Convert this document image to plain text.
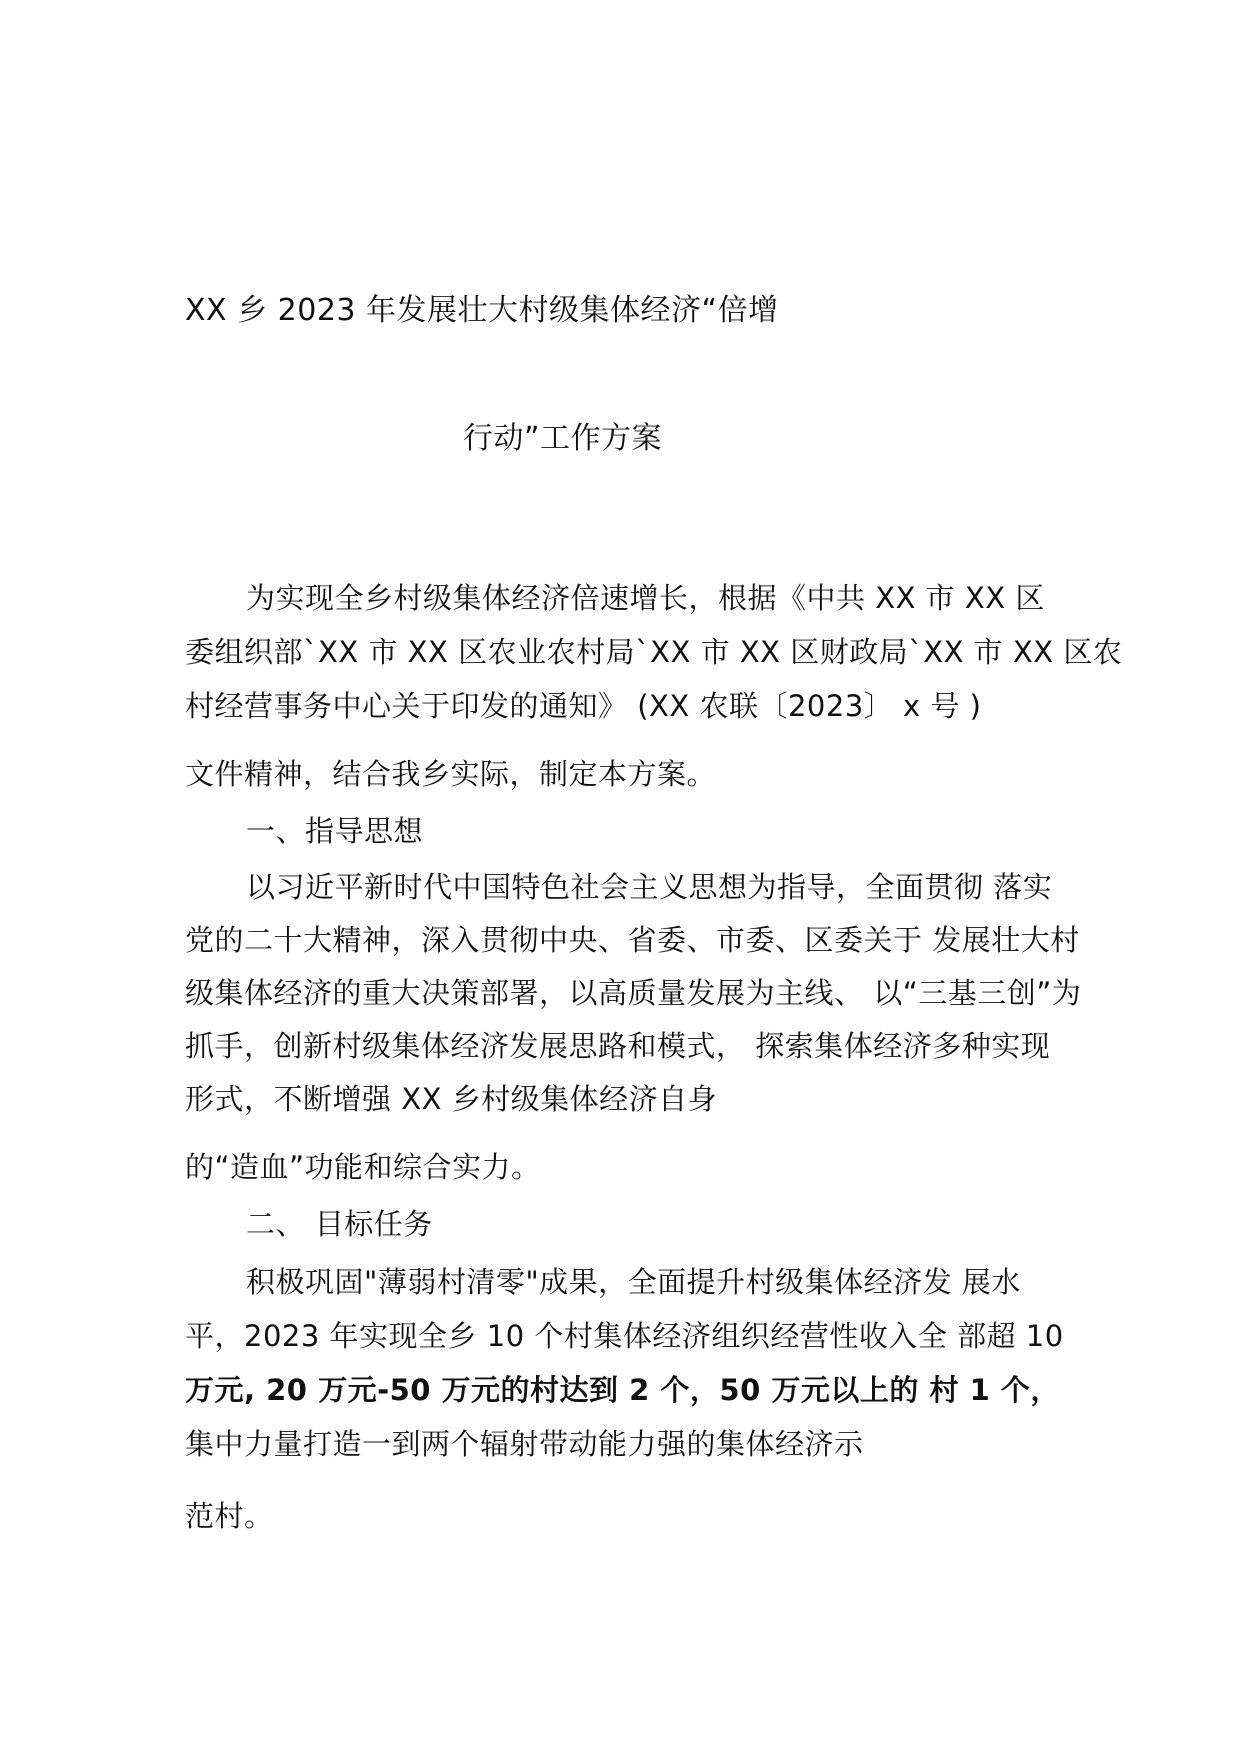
XX 乡 2023 年发展壮大村级集体经济“倍增
行动”工作方案
为实现全乡村级集体经济倍速增长，根据《中共 XX 市 XX 区
委组织部`XX 市 XX 区农业农村局`XX 市 XX 区财政局`XX 市 XX 区农
村经营事务中心关于印发的通知》 (XX 农联〔2023〕 x 号 )
文件精神，结合我乡实际，制定本方案。
一、指导思想
以习近平新时代中国特色社会主义思想为指导，全面贯彻 落实
党的二十大精神，深入贯彻中央、省委、市委、区委关于 发展壮大村
级集体经济的重大决策部署，以高质量发展为主线、 以“三基三创”为
抓手，创新村级集体经济发展思路和模式， 探索集体经济多种实现
形式，不断增强 XX 乡村级集体经济自身
的“造血”功能和综合实力。
二、 目标任务
积极巩固"薄弱村清零"成果，全面提升村级集体经济发 展水
平，2023 年实现全乡 10 个村集体经济组织经营性收入全 部超 10
万元, 20 万元-50 万元的村达到 2 个，50 万元以上的 村 1 个，
集中力量打造一到两个辐射带动能力强的集体经济示
范村。
